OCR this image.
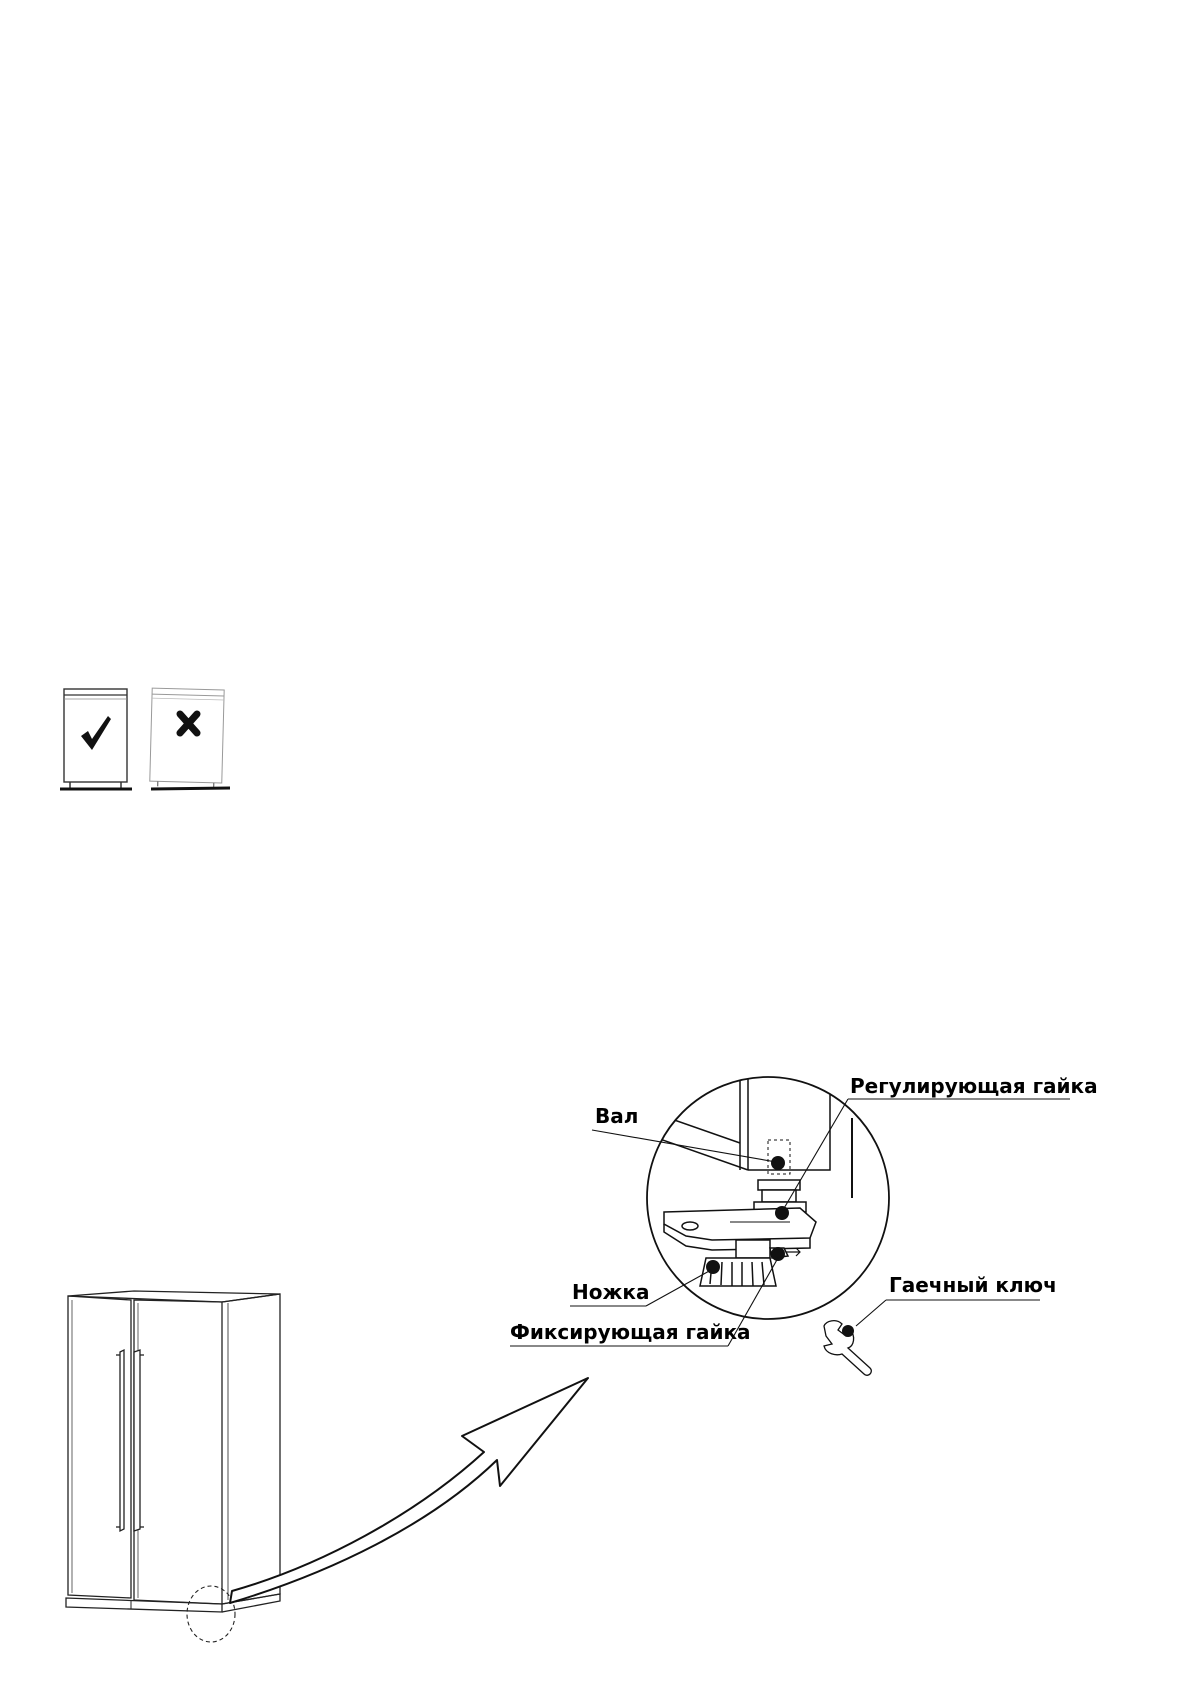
Вал
Регулирующая гайка
Ножка
Фиксирующая гайка
Гаечный ключ
